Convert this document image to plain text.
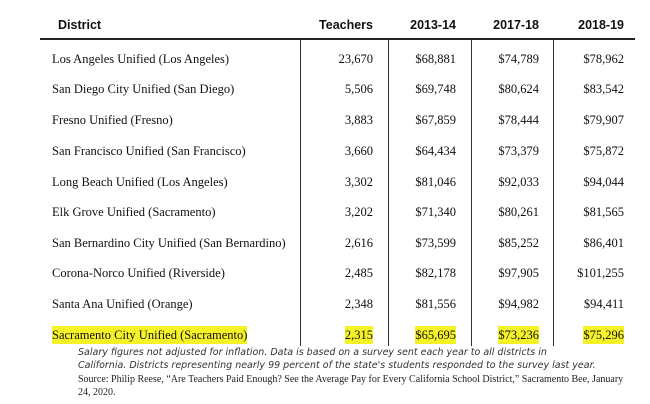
District	Teachers	2013-14	2017-18	2018-19
Los Angeles Unified (Los Angeles)	23,670	$68,881	$74,789	$78,962
San Diego City Unified (San Diego)	5,506	$69,748	$80,624	$83,542
Fresno Unified (Fresno)	3,883	$67,859	$78,444	$79,907
San Francisco Unified (San Francisco)	3,660	$64,434	$73,379	$75,872
Long Beach Unified (Los Angeles)	3,302	$81,046	$92,033	$94,044
Elk Grove Unified (Sacramento)	3,202	$71,340	$80,261	$81,565
San Bernardino City Unified (San Bernardino)	2,616	$73,599	$85,252	$86,401
Corona-Norco Unified (Riverside)	2,485	$82,178	$97,905	$101,255
Santa Ana Unified (Orange)	2,348	$81,556	$94,982	$94,411
Sacramento City Unified (Sacramento)	2,315	$65,695	$73,236	$75,296
Salary figures not adjusted for inflation. Data is based on a survey sent each year to all districts in California. Districts representing nearly 99 percent of the state's students responded to the survey last year.
Source: Philip Reese, “Are Teachers Paid Enough? See the Average Pay for Every California School District,” Sacramento Bee, January 24, 2020.
